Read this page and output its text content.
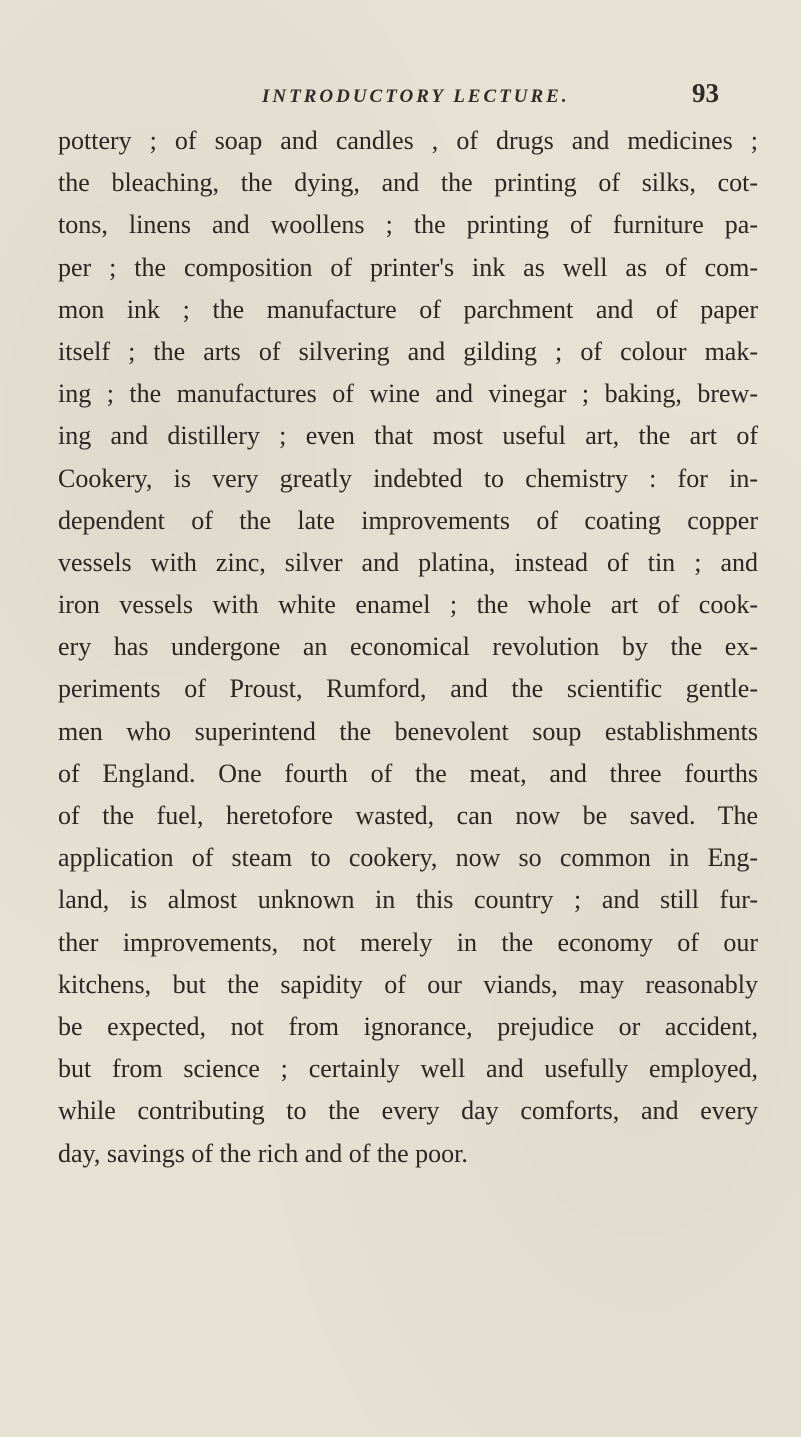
INTRODUCTORY LECTURE.	93
pottery ; of soap and candles , of drugs and medicines ;
the bleaching, the dying, and the printing of silks, cot-
tons, linens and woollens ; the printing of furniture pa-
per ; the composition of printer's ink as well as of com-
mon ink ; the manufacture of parchment and of paper
itself ; the arts of silvering and gilding ; of colour mak-
ing ; the manufactures of wine and vinegar ; baking, brew-
ing and distillery ; even that most useful art, the art of
Cookery, is very greatly indebted to chemistry : for in-
dependent of the late improvements of coating copper
vessels with zinc, silver and platina, instead of tin ; and
iron vessels with white enamel ; the whole art of cook-
ery has undergone an economical revolution by the ex-
periments of Proust, Rumford, and the scientific gentle-
men who superintend the benevolent soup establishments
of England. One fourth of the meat, and three fourths
of the fuel, heretofore wasted, can now be saved. The
application of steam to cookery, now so common in Eng-
land, is almost unknown in this country ; and still fur-
ther improvements, not merely in the economy of our
kitchens, but the sapidity of our viands, may reasonably
be expected, not from ignorance, prejudice or accident,
but from science ; certainly well and usefully employed,
while contributing to the every day comforts, and every
day, savings of the rich and of the poor.
